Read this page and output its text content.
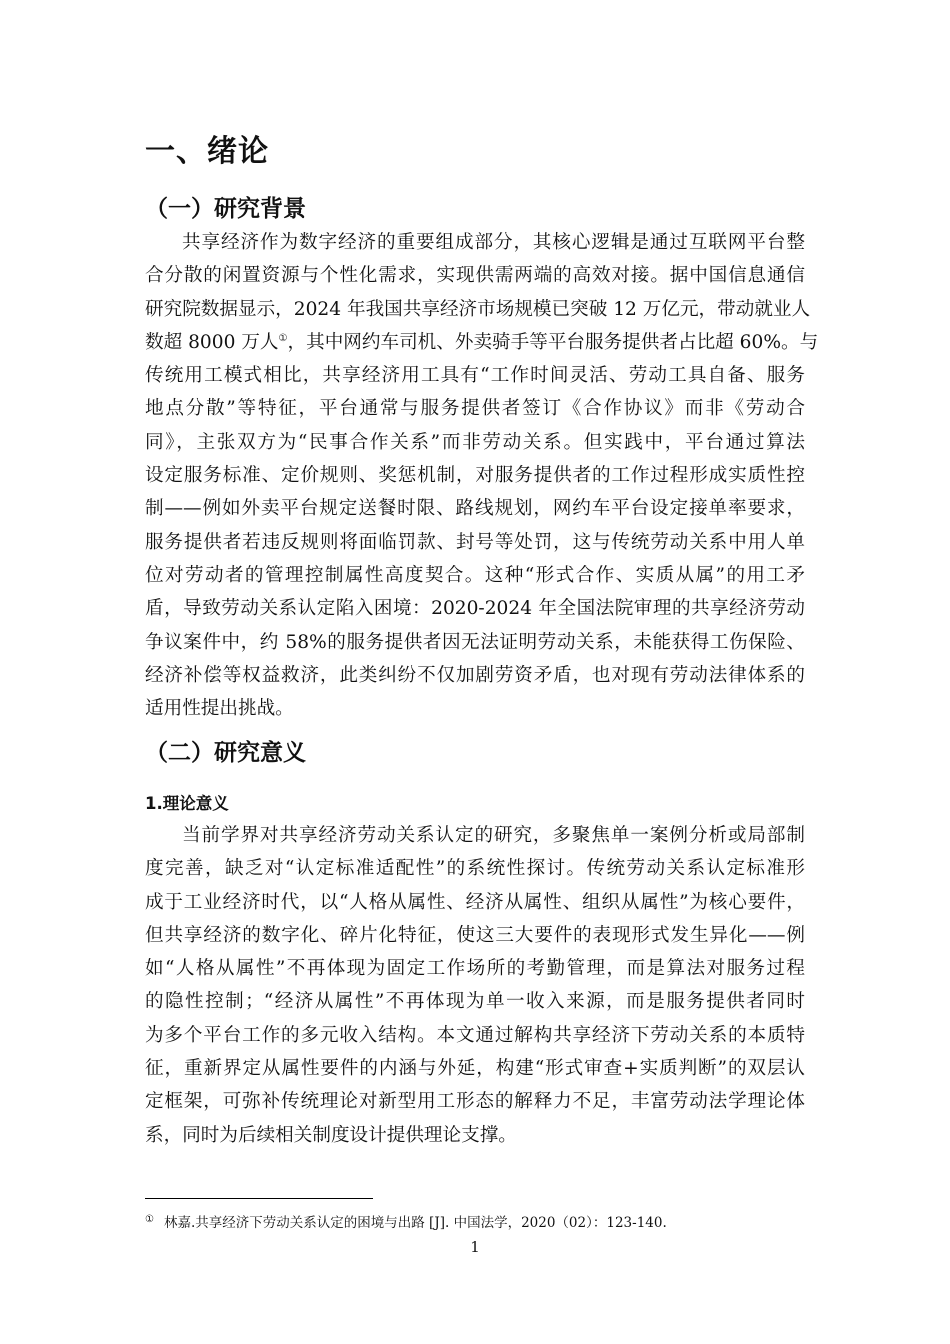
一、绪论
（一）研究背景
共享经济作为数字经济的重要组成部分，其核心逻辑是通过互联网平台整
合分散的闲置资源与个性化需求，实现供需两端的高效对接。据中国信息通信
研究院数据显示，2024 年我国共享经济市场规模已突破 12 万亿元，带动就业人
数超 8000 万人①，其中网约车司机、外卖骑手等平台服务提供者占比超 60%。与
传统用工模式相比，共享经济用工具有“工作时间灵活、劳动工具自备、服务
地点分散”等特征，平台通常与服务提供者签订《合作协议》而非《劳动合
同》，主张双方为“民事合作关系”而非劳动关系。但实践中，平台通过算法
设定服务标准、定价规则、奖惩机制，对服务提供者的工作过程形成实质性控
制——例如外卖平台规定送餐时限、路线规划，网约车平台设定接单率要求，
服务提供者若违反规则将面临罚款、封号等处罚，这与传统劳动关系中用人单
位对劳动者的管理控制属性高度契合。这种“形式合作、实质从属”的用工矛
盾，导致劳动关系认定陷入困境：2020-2024 年全国法院审理的共享经济劳动
争议案件中，约 58%的服务提供者因无法证明劳动关系，未能获得工伤保险、
经济补偿等权益救济，此类纠纷不仅加剧劳资矛盾，也对现有劳动法律体系的
适用性提出挑战。
（二）研究意义
1.理论意义
当前学界对共享经济劳动关系认定的研究，多聚焦单一案例分析或局部制
度完善，缺乏对“认定标准适配性”的系统性探讨。传统劳动关系认定标准形
成于工业经济时代，以“人格从属性、经济从属性、组织从属性”为核心要件，
但共享经济的数字化、碎片化特征，使这三大要件的表现形式发生异化——例
如“人格从属性”不再体现为固定工作场所的考勤管理，而是算法对服务过程
的隐性控制；“经济从属性”不再体现为单一收入来源，而是服务提供者同时
为多个平台工作的多元收入结构。本文通过解构共享经济下劳动关系的本质特
征，重新界定从属性要件的内涵与外延，构建“形式审查+实质判断”的双层认
定框架，可弥补传统理论对新型用工形态的解释力不足，丰富劳动法学理论体
系，同时为后续相关制度设计提供理论支撑。
① 林嘉.共享经济下劳动关系认定的困境与出路 [J]. 中国法学，2020（02）：123-140.
1
